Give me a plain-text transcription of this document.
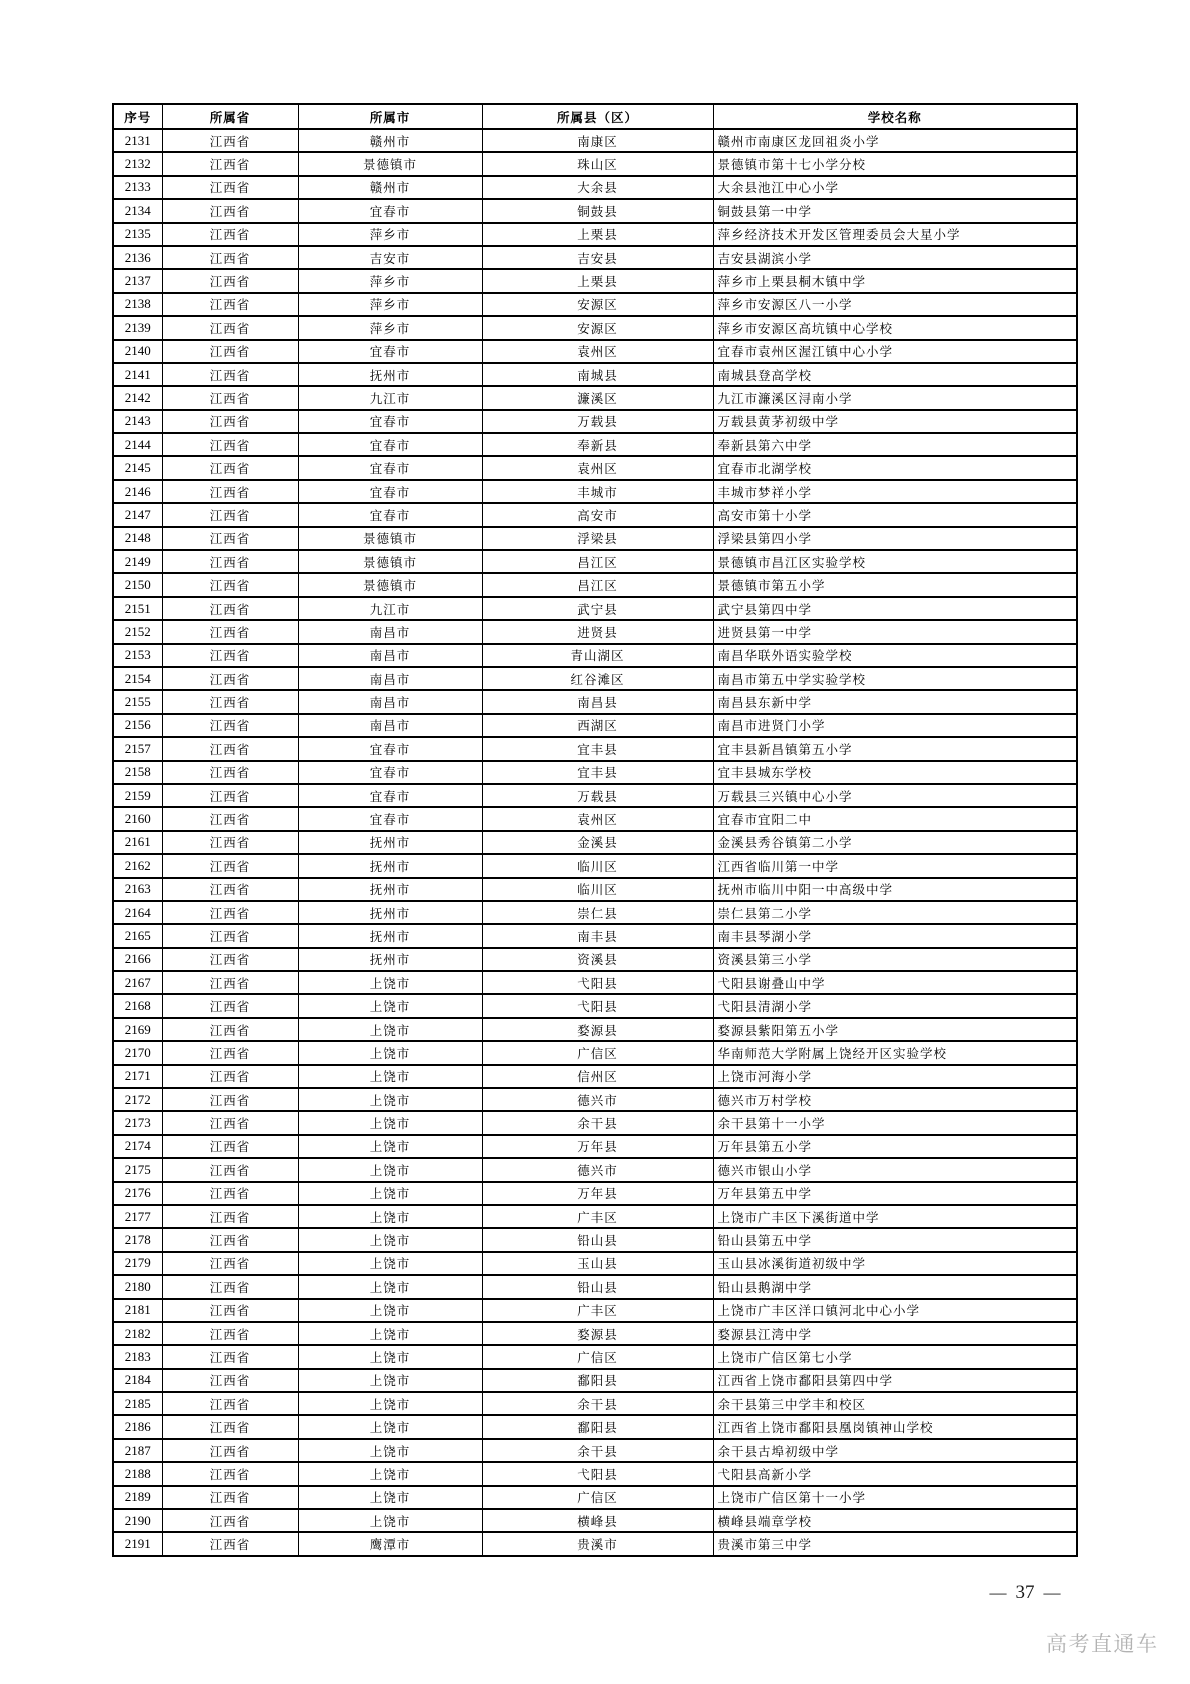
序号	所属省	所属市	所属县（区）	学校名称
2131	江西省	赣州市	南康区	赣州市南康区龙回祖炎小学
2132	江西省	景德镇市	珠山区	景德镇市第十七小学分校
2133	江西省	赣州市	大余县	大余县池江中心小学
2134	江西省	宜春市	铜鼓县	铜鼓县第一中学
2135	江西省	萍乡市	上栗县	萍乡经济技术开发区管理委员会大星小学
2136	江西省	吉安市	吉安县	吉安县湖滨小学
2137	江西省	萍乡市	上栗县	萍乡市上栗县桐木镇中学
2138	江西省	萍乡市	安源区	萍乡市安源区八一小学
2139	江西省	萍乡市	安源区	萍乡市安源区高坑镇中心学校
2140	江西省	宜春市	袁州区	宜春市袁州区渥江镇中心小学
2141	江西省	抚州市	南城县	南城县登高学校
2142	江西省	九江市	濂溪区	九江市濂溪区浔南小学
2143	江西省	宜春市	万载县	万载县黄茅初级中学
2144	江西省	宜春市	奉新县	奉新县第六中学
2145	江西省	宜春市	袁州区	宜春市北湖学校
2146	江西省	宜春市	丰城市	丰城市梦祥小学
2147	江西省	宜春市	高安市	高安市第十小学
2148	江西省	景德镇市	浮梁县	浮梁县第四小学
2149	江西省	景德镇市	昌江区	景德镇市昌江区实验学校
2150	江西省	景德镇市	昌江区	景德镇市第五小学
2151	江西省	九江市	武宁县	武宁县第四中学
2152	江西省	南昌市	进贤县	进贤县第一中学
2153	江西省	南昌市	青山湖区	南昌华联外语实验学校
2154	江西省	南昌市	红谷滩区	南昌市第五中学实验学校
2155	江西省	南昌市	南昌县	南昌县东新中学
2156	江西省	南昌市	西湖区	南昌市进贤门小学
2157	江西省	宜春市	宜丰县	宜丰县新昌镇第五小学
2158	江西省	宜春市	宜丰县	宜丰县城东学校
2159	江西省	宜春市	万载县	万载县三兴镇中心小学
2160	江西省	宜春市	袁州区	宜春市宜阳二中
2161	江西省	抚州市	金溪县	金溪县秀谷镇第二小学
2162	江西省	抚州市	临川区	江西省临川第一中学
2163	江西省	抚州市	临川区	抚州市临川中阳一中高级中学
2164	江西省	抚州市	崇仁县	崇仁县第二小学
2165	江西省	抚州市	南丰县	南丰县琴湖小学
2166	江西省	抚州市	资溪县	资溪县第三小学
2167	江西省	上饶市	弋阳县	弋阳县谢叠山中学
2168	江西省	上饶市	弋阳县	弋阳县清湖小学
2169	江西省	上饶市	婺源县	婺源县紫阳第五小学
2170	江西省	上饶市	广信区	华南师范大学附属上饶经开区实验学校
2171	江西省	上饶市	信州区	上饶市河海小学
2172	江西省	上饶市	德兴市	德兴市万村学校
2173	江西省	上饶市	余干县	余干县第十一小学
2174	江西省	上饶市	万年县	万年县第五小学
2175	江西省	上饶市	德兴市	德兴市银山小学
2176	江西省	上饶市	万年县	万年县第五中学
2177	江西省	上饶市	广丰区	上饶市广丰区下溪街道中学
2178	江西省	上饶市	铅山县	铅山县第五中学
2179	江西省	上饶市	玉山县	玉山县冰溪街道初级中学
2180	江西省	上饶市	铅山县	铅山县鹅湖中学
2181	江西省	上饶市	广丰区	上饶市广丰区洋口镇河北中心小学
2182	江西省	上饶市	婺源县	婺源县江湾中学
2183	江西省	上饶市	广信区	上饶市广信区第七小学
2184	江西省	上饶市	鄱阳县	江西省上饶市鄱阳县第四中学
2185	江西省	上饶市	余干县	余干县第三中学丰和校区
2186	江西省	上饶市	鄱阳县	江西省上饶市鄱阳县凰岗镇神山学校
2187	江西省	上饶市	余干县	余干县古埠初级中学
2188	江西省	上饶市	弋阳县	弋阳县高新小学
2189	江西省	上饶市	广信区	上饶市广信区第十一小学
2190	江西省	上饶市	横峰县	横峰县端章学校
2191	江西省	鹰潭市	贵溪市	贵溪市第三中学
— 37 —
高考直通车
